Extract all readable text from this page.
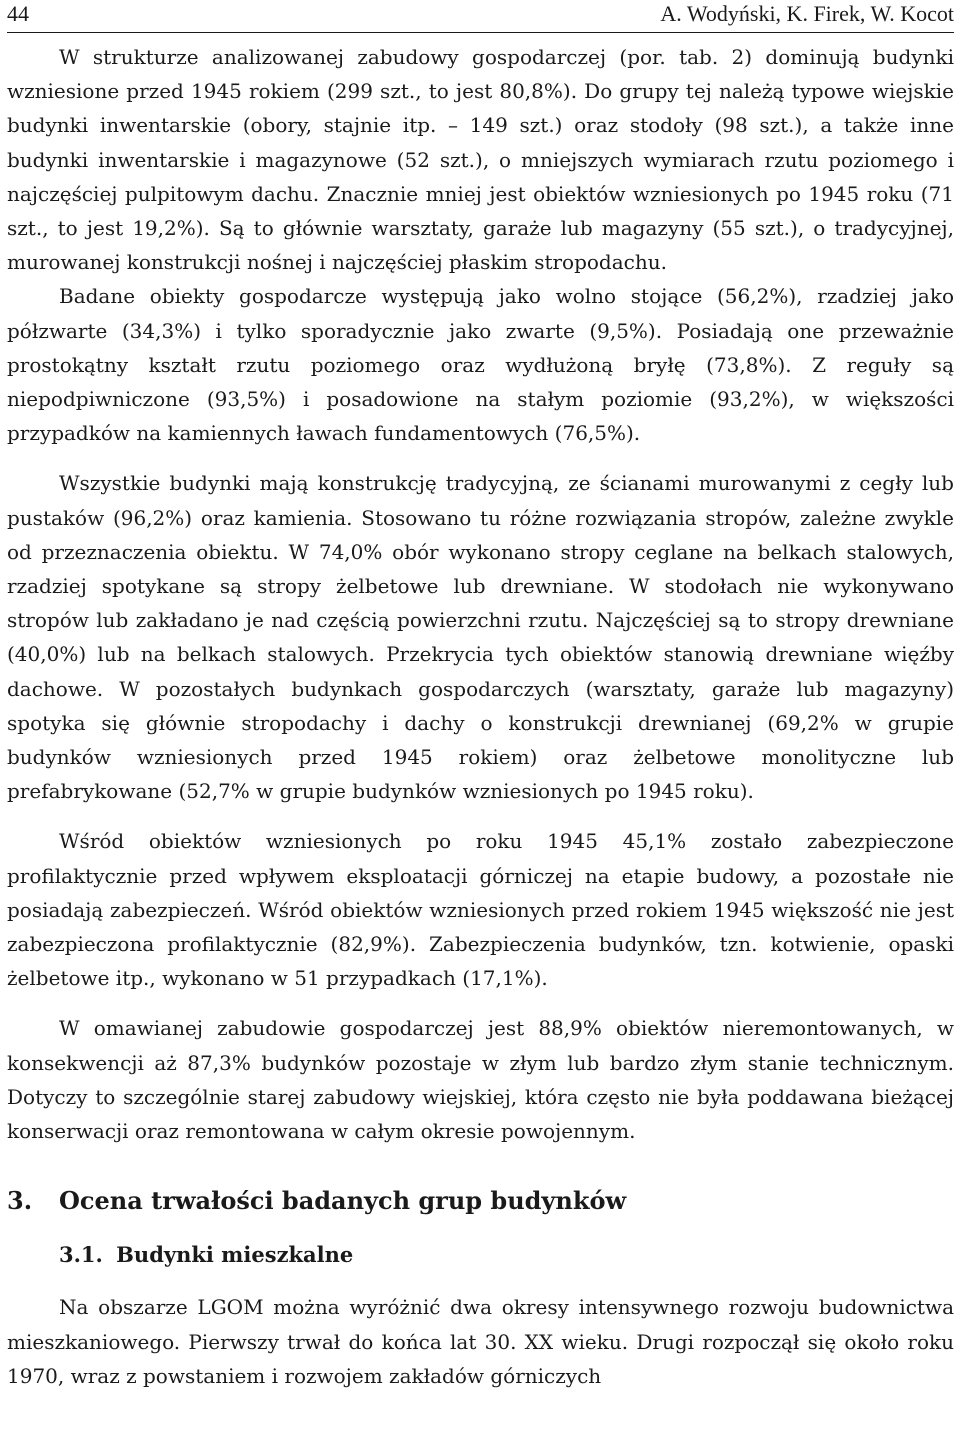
44	A. Wodyński, K. Firek, W. Kocot

W strukturze analizowanej zabudowy gospodarczej (por. tab. 2) dominują budynki wzniesione przed 1945 rokiem (299 szt., to jest 80,8%). Do grupy tej należą typowe wiejskie budynki inwentarskie (obory, stajnie itp. – 149 szt.) oraz stodoły (98 szt.), a także inne budynki inwentarskie i magazynowe (52 szt.), o mniejszych wymiarach rzutu poziomego i najczęściej pulpitowym dachu. Znacznie mniej jest obiektów wzniesionych po 1945 roku (71 szt., to jest 19,2%). Są to głównie warsztaty, garaże lub magazyny (55 szt.), o tradycyjnej, murowanej konstrukcji nośnej i najczęściej płaskim stropodachu.

Badane obiekty gospodarcze występują jako wolno stojące (56,2%), rzadziej jako półzwarte (34,3%) i tylko sporadycznie jako zwarte (9,5%). Posiadają one przeważnie prostokątny kształt rzutu poziomego oraz wydłużoną bryłę (73,8%). Z reguły są niepodpiwniczone (93,5%) i posadowione na stałym poziomie (93,2%), w większości przypadków na kamiennych ławach fundamentowych (76,5%).

Wszystkie budynki mają konstrukcję tradycyjną, ze ścianami murowanymi z cegły lub pustaków (96,2%) oraz kamienia. Stosowano tu różne rozwiązania stropów, zależne zwykle od przeznaczenia obiektu. W 74,0% obór wykonano stropy ceglane na belkach stalowych, rzadziej spotykane są stropy żelbetowe lub drewniane. W stodołach nie wykonywano stropów lub zakładano je nad częścią powierzchni rzutu. Najczęściej są to stropy drewniane (40,0%) lub na belkach stalowych. Przekrycia tych obiektów stanowią drewniane więźby dachowe. W pozostałych budynkach gospodarczych (warsztaty, garaże lub magazyny) spotyka się głównie stropodachy i dachy o konstrukcji drewnianej (69,2% w grupie budynków wzniesionych przed 1945 rokiem) oraz żelbetowe monolityczne lub prefabrykowane (52,7% w grupie budynków wzniesionych po 1945 roku).

Wśród obiektów wzniesionych po roku 1945 45,1% zostało zabezpieczone profilaktycznie przed wpływem eksploatacji górniczej na etapie budowy, a pozostałe nie posiadają zabezpieczeń. Wśród obiektów wzniesionych przed rokiem 1945 większość nie jest zabezpieczona profilaktycznie (82,9%). Zabezpieczenia budynków, tzn. kotwienie, opaski żelbetowe itp., wykonano w 51 przypadkach (17,1%).

W omawianej zabudowie gospodarczej jest 88,9% obiektów nieremontowanych, w konsekwencji aż 87,3% budynków pozostaje w złym lub bardzo złym stanie technicznym. Dotyczy to szczególnie starej zabudowy wiejskiej, która często nie była poddawana bieżącej konserwacji oraz remontowana w całym okresie powojennym.

3.	Ocena trwałości badanych grup budynków
3.1. Budynki mieszkalne

Na obszarze LGOM można wyróżnić dwa okresy intensywnego rozwoju budownictwa mieszkaniowego. Pierwszy trwał do końca lat 30. XX wieku. Drugi rozpoczął się około roku 1970, wraz z powstaniem i rozwojem zakładów górniczych
